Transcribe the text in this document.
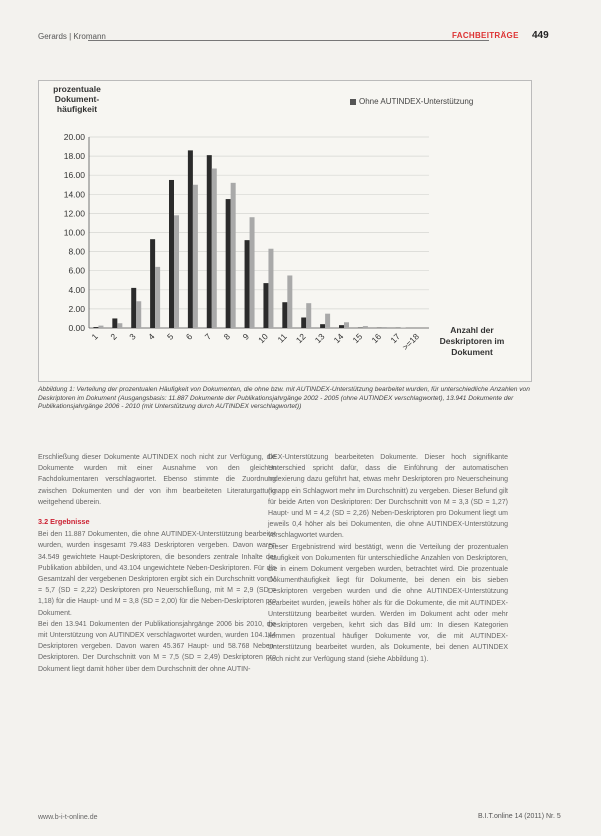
Gerards | Kromann	FACHBEITRÄGE 449
0.00
2.00
4.00
6.00
8.00
10.00
12.00
14.00
16.00
18.00
20.00
1 2 3 4 5 6 7 8 9 10 11 12 13 14 15 16 17
>=18
prozentuale Dokument-häufigkeit
Ohne AUTINDEX-Unterstützung
Anzahl der Deskriptoren im Dokument
Abbildung 1: Verteilung der prozentualen Häufigkeit von Dokumenten, die ohne bzw. mit AUTINDEX-Unterstützung bearbeitet wurden, für unterschiedliche Anzahlen von Deskriptoren im Dokument (Ausgangsbasis: 11.887 Dokumente der Publikationsjahrgänge 2002 - 2005 (ohne AUTINDEX verschlagwortet), 13.941 Dokumente der Publikationsjahrgänge 2006 - 2010 (mit Unterstützung durch AUTINDEX verschlagwortet))

Erschließung dieser Dokumente AUTINDEX noch nicht zur Verfügung, die Dokumente wurden mit einer Ausnahme von den gleichen Fachdokumentaren verschlagwortet. Ebenso stimmte die Zuordnung zwischen Dokumenten und der von ihm bearbeiteten Literaturgattung weitgehend überein.

3.2 Ergebnisse

Bei den 11.887 Dokumenten, die ohne AUTINDEX-Unterstützung bearbeitet wurden, wurden insgesamt 79.483 Deskriptoren vergeben. Davon waren 34.549 gewichtete Haupt-Deskriptoren, die besonders zentrale Inhalte der Publikation abbilden, und 43.104 ungewichtete Neben-Deskriptoren. Für die Gesamtzahl der vergebenen Deskriptoren ergibt sich ein Durchschnitt von M = 5,7 (SD = 2,22) Deskriptoren pro Neuerschließung, mit M = 2,9 (SD = 1,18) für die Haupt- und M = 3,8 (SD = 2,00) für die Neben-Deskriptoren pro Dokument.

Bei den 13.941 Dokumenten der Publikationsjahrgänge 2006 bis 2010, die mit Unterstützung von AUTINDEX verschlagwortet wurden, wurden 104.144 Deskriptoren vergeben. Davon waren 45.367 Haupt- und 58.768 Neben-Deskriptoren. Der Durchschnitt von M = 7,5 (SD = 2,49) Deskriptoren pro Dokument liegt damit höher über dem Durchschnitt der ohne AUTIN-

DEX-Unterstützung bearbeiteten Dokumente. Dieser hoch signifikante Unterschied spricht dafür, dass die Einführung der automatischen Indexierung dazu geführt hat, etwas mehr Deskriptoren pro Neuerscheinung (knapp ein Schlagwort mehr im Durchschnitt) zu vergeben. Dieser Befund gilt für beide Arten von Deskriptoren: Der Durchschnitt von M = 3,3 (SD = 1,27) Haupt- und M = 4,2 (SD = 2,26) Neben-Deskriptoren pro Dokument liegt um jeweils 0,4 höher als bei Dokumenten, die ohne AUTINDEX-Unterstützung verschlagwortet wurden.

Dieser Ergebnistrend wird bestätigt, wenn die Verteilung der prozentualen Häufigkeit von Dokumenten für unterschiedliche Anzahlen von Deskriptoren, die in einem Dokument vergeben wurden, betrachtet wird. Die prozentuale Dokumenthäufigkeit liegt für Dokumente, bei denen ein bis sieben Deskriptoren vergeben wurden und die ohne AUTINDEX-Unterstützung bearbeitet wurden, jeweils höher als für die Dokumente, die mit AUTINDEX-Unterstützung bearbeitet wurden. Werden im Dokument acht oder mehr Deskriptoren vergeben, kehrt sich das Bild um: In diesen Kategorien kommen prozentual häufiger Dokumente vor, die mit AUTINDEX-Unterstützung bearbeitet wurden, als Dokumente, bei denen AUTINDEX noch nicht zur Verfügung stand (siehe Abbildung 1).

www.b-i-t-online.de	B.I.T.online 14 (2011) Nr. 5
